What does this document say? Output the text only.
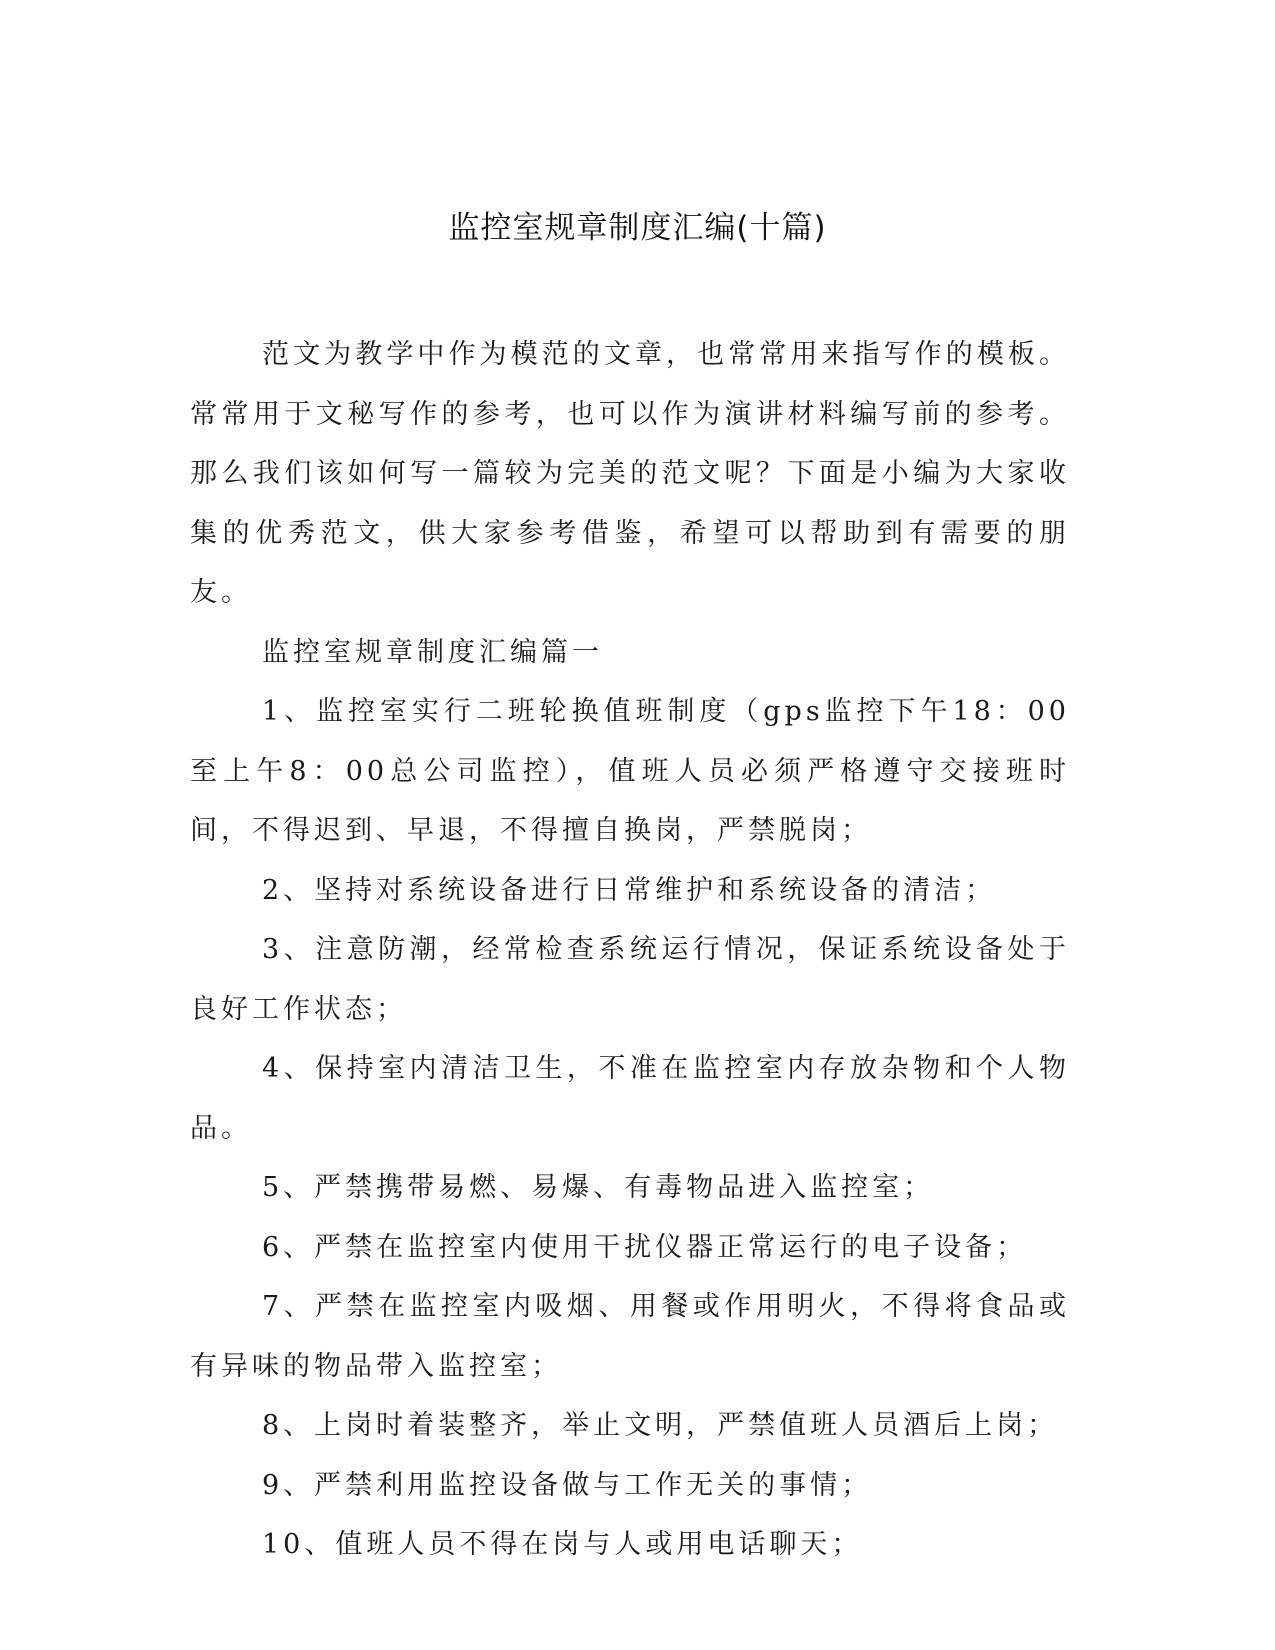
监控室规章制度汇编(十篇)

范文为教学中作为模范的文章，也常常用来指写作的模板。常常用于文秘写作的参考，也可以作为演讲材料编写前的参考。那么我们该如何写一篇较为完美的范文呢？下面是小编为大家收集的优秀范文，供大家参考借鉴，希望可以帮助到有需要的朋友。

监控室规章制度汇编篇一

1、监控室实行二班轮换值班制度（gps监控下午18：00至上午8：00总公司监控），值班人员必须严格遵守交接班时间，不得迟到、早退，不得擅自换岗，严禁脱岗；

2、坚持对系统设备进行日常维护和系统设备的清洁；

3、注意防潮，经常检查系统运行情况，保证系统设备处于良好工作状态；

4、保持室内清洁卫生，不准在监控室内存放杂物和个人物品。

5、严禁携带易燃、易爆、有毒物品进入监控室；

6、严禁在监控室内使用干扰仪器正常运行的电子设备；

7、严禁在监控室内吸烟、用餐或作用明火，不得将食品或有异味的物品带入监控室；

8、上岗时着装整齐，举止文明，严禁值班人员酒后上岗；

9、严禁利用监控设备做与工作无关的事情；

10、值班人员不得在岗与人或用电话聊天；
